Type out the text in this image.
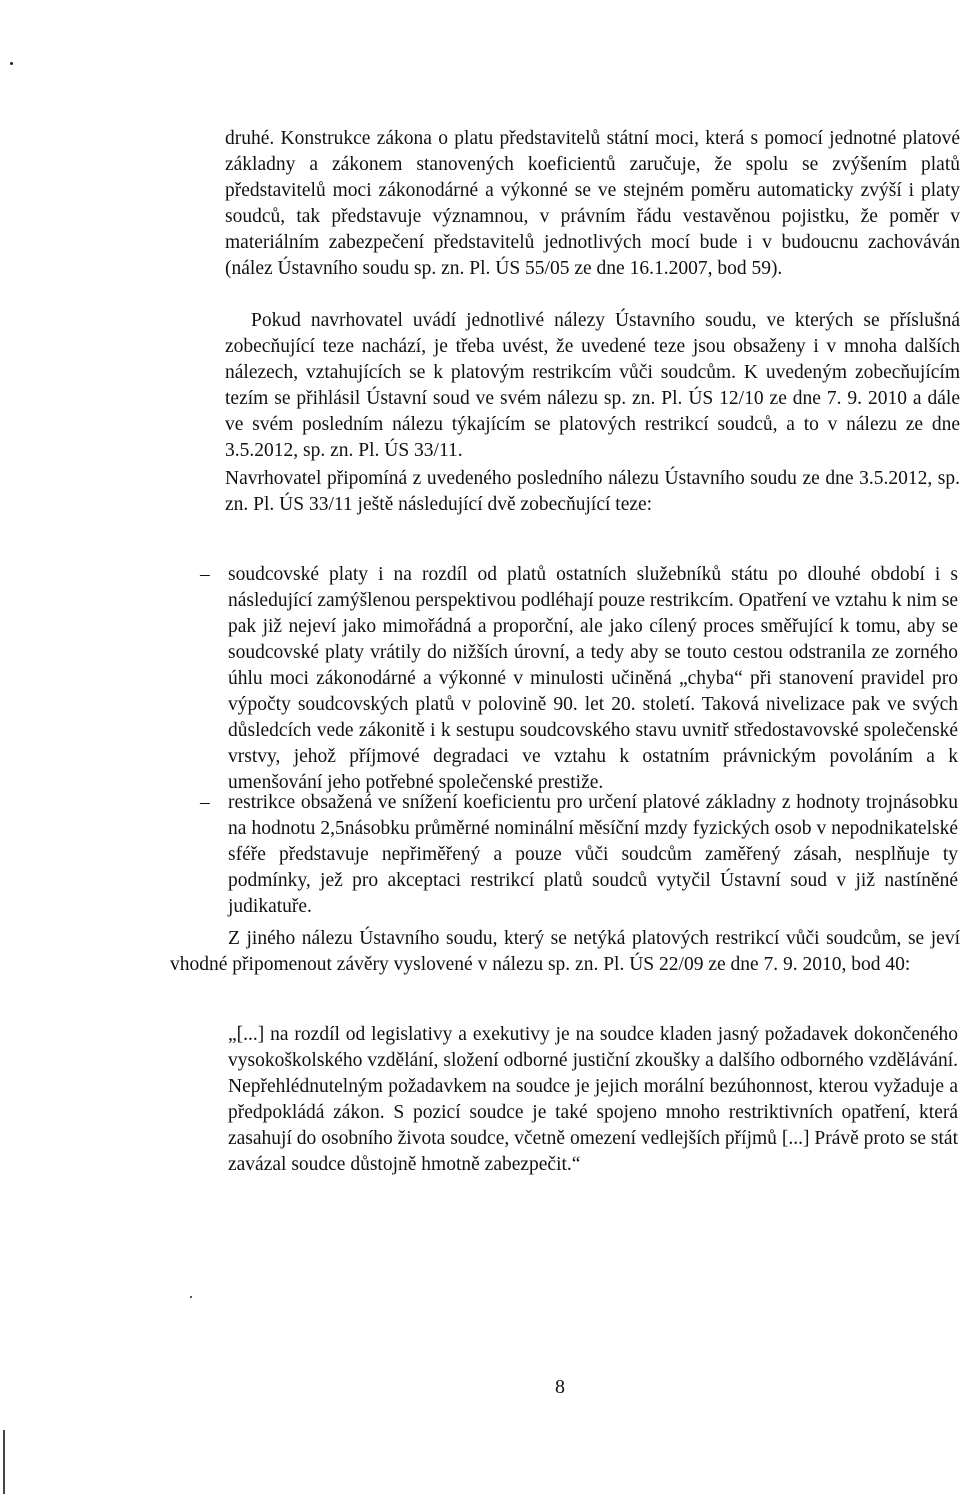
druhé. Konstrukce zákona o platu představitelů státní moci, která s pomocí jednotné platové základny a zákonem stanovených koeficientů zaručuje, že spolu se zvýšením platů představitelů moci zákonodárné a výkonné se ve stejném poměru automaticky zvýší i platy soudců, tak představuje významnou, v právním řádu vestavěnou pojistku, že poměr v materiálním zabezpečení představitelů jednotlivých mocí bude i v budoucnu zachováván (nález Ústavního soudu sp. zn. Pl. ÚS 55/05 ze dne 16.1.2007, bod 59).

Pokud navrhovatel uvádí jednotlivé nálezy Ústavního soudu, ve kterých se příslušná zobecňující teze nachází, je třeba uvést, že uvedené teze jsou obsaženy i v mnoha dalších nálezech, vztahujících se k platovým restrikcím vůči soudcům. K uvedeným zobecňujícím tezím se přihlásil Ústavní soud ve svém nálezu sp. zn. Pl. ÚS 12/10 ze dne 7. 9. 2010 a dále ve svém posledním nálezu týkajícím se platových restrikcí soudců, a to v nálezu ze dne 3.5.2012, sp. zn. Pl. ÚS 33/11.

Navrhovatel připomíná z uvedeného posledního nálezu Ústavního soudu ze dne 3.5.2012, sp. zn. Pl. ÚS 33/11 ještě následující dvě zobecňující teze:

– soudcovské platy i na rozdíl od platů ostatních služebníků státu po dlouhé období i s následující zamýšlenou perspektivou podléhají pouze restrikcím. Opatření ve vztahu k nim se pak již nejeví jako mimořádná a proporční, ale jako cílený proces směřující k tomu, aby se soudcovské platy vrátily do nižších úrovní, a tedy aby se touto cestou odstranila ze zorného úhlu moci zákonodárné a výkonné v minulosti učiněná „chyba“ při stanovení pravidel pro výpočty soudcovských platů v polovině 90. let 20. století. Taková nivelizace pak ve svých důsledcích vede zákonitě i k sestupu soudcovského stavu uvnitř středostavovské společenské vrstvy, jehož příjmové degradaci ve vztahu k ostatním právnickým povoláním a k umenšování jeho potřebné společenské prestiže.

– restrikce obsažená ve snížení koeficientu pro určení platové základny z hodnoty trojnásobku na hodnotu 2,5násobku průměrné nominální měsíční mzdy fyzických osob v nepodnikatelské sféře představuje nepřiměřený a pouze vůči soudcům zaměřený zásah, nesplňuje ty podmínky, jež pro akceptaci restrikcí platů soudců vytyčil Ústavní soud v již nastíněné judikatuře.

Z jiného nálezu Ústavního soudu, který se netýká platových restrikcí vůči soudcům, se jeví vhodné připomenout závěry vyslovené v nálezu sp. zn. Pl. ÚS 22/09 ze dne 7. 9. 2010, bod 40:

„[...] na rozdíl od legislativy a exekutivy je na soudce kladen jasný požadavek dokončeného vysokoškolského vzdělání, složení odborné justiční zkoušky a dalšího odborného vzdělávání. Nepřehlédnutelným požadavkem na soudce je jejich morální bezúhonnost, kterou vyžaduje a předpokládá zákon. S pozicí soudce je také spojeno mnoho restriktivních opatření, která zasahují do osobního života soudce, včetně omezení vedlejších příjmů [...] Právě proto se stát zavázal soudce důstojně hmotně zabezpečit.“

8
